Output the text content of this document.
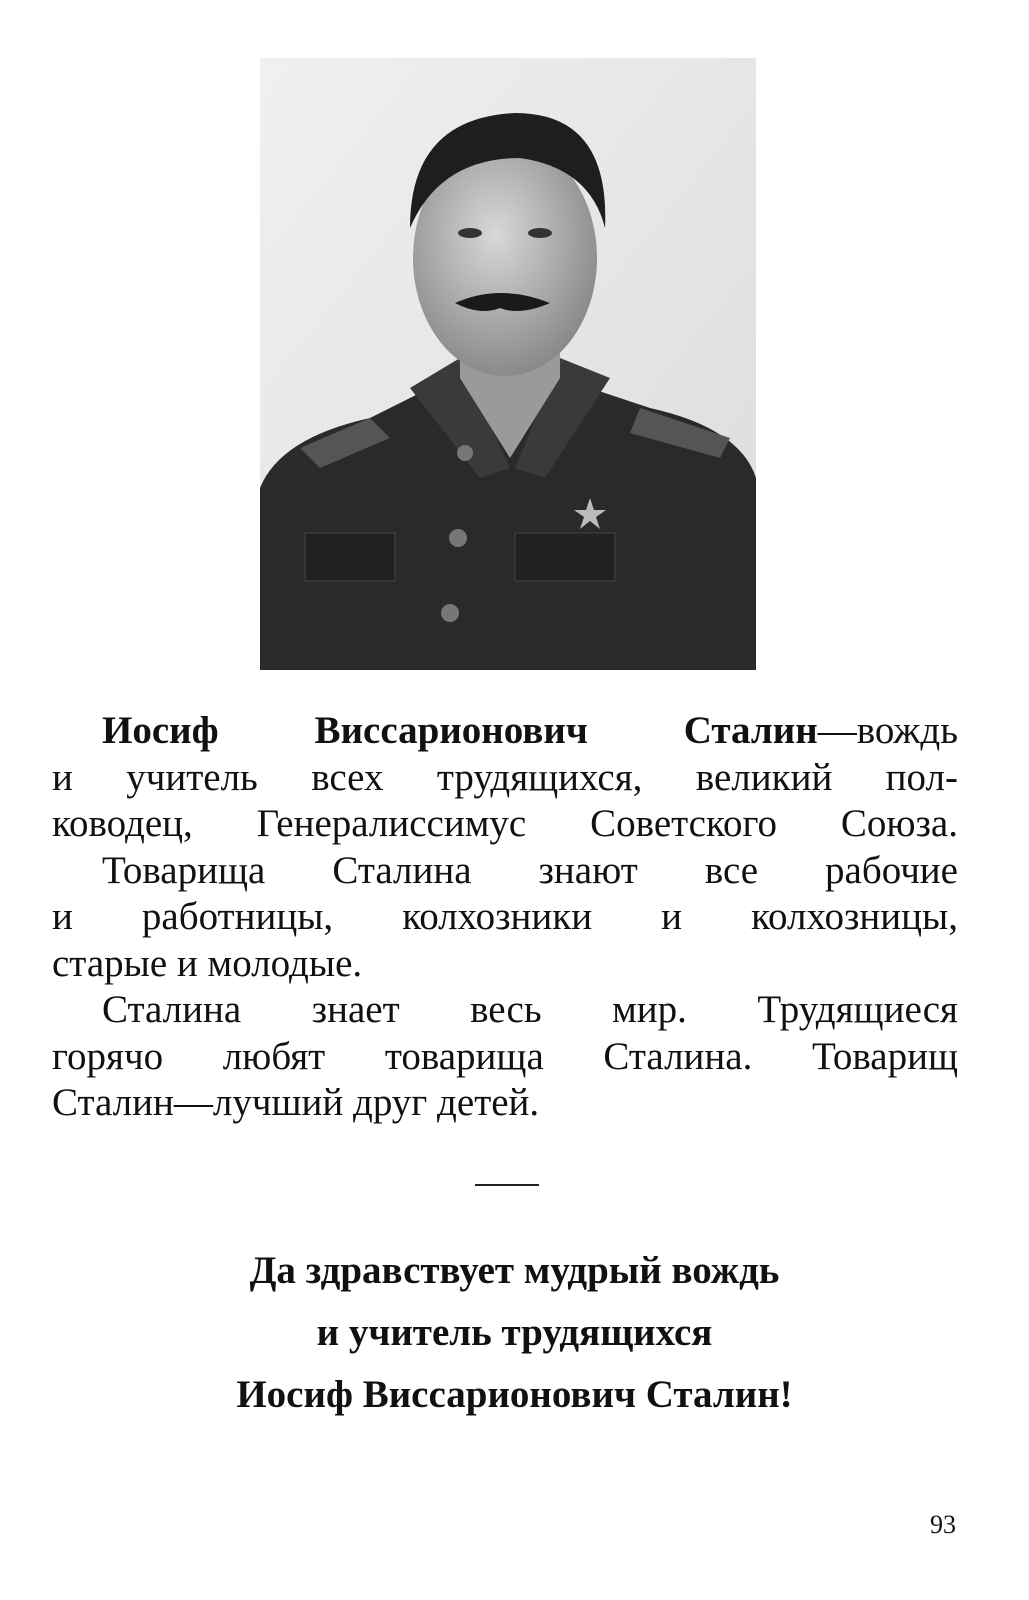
Иосиф Виссарионович Сталин—вождь
и учитель всех трудящихся, великий пол-
ководец, Генералиссимус Советского Союза.
Товарища Сталина знают все рабочие
и работницы, колхозники и колхозницы,
старые и молодые.
Сталина знает весь мир. Трудящиеся
горячо любят товарища Сталина. Товарищ
Сталин—лучший друг детей.
Да здравствует мудрый вождь
и учитель трудящихся
Иосиф Виссарионович Сталин!
93
